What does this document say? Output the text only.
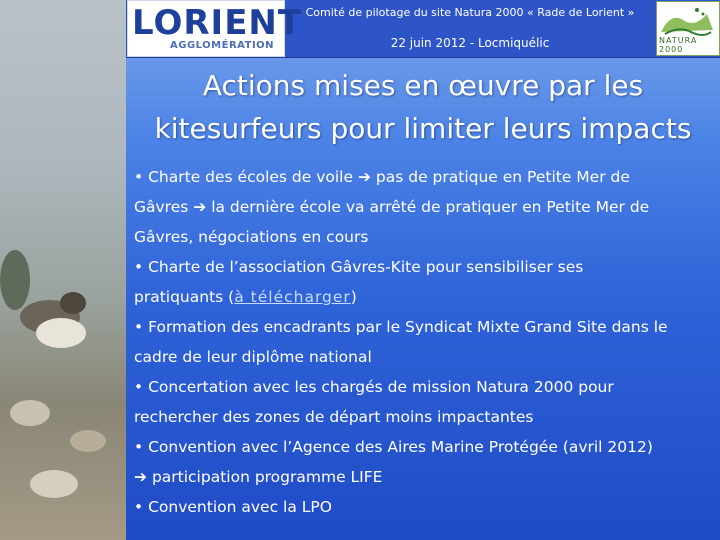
LORIENT
AGGLOMÉRATION
Comité de pilotage du site Natura 2000 « Rade de Lorient »
22 juin 2012 - Locmiquélic	NATURA 2000
Actions mises en œuvre par les
kitesurfeurs pour limiter leurs impacts
• Charte des écoles de voile ➔ pas de pratique en Petite Mer de
Gâvres ➔ la dernière école va arrêté de pratiquer en Petite Mer de
Gâvres, négociations en cours
• Charte de l’association Gâvres-Kite pour sensibiliser ses
pratiquants (à télécharger)
• Formation des encadrants par le Syndicat Mixte Grand Site dans le
cadre de leur diplôme national
• Concertation avec les chargés de mission Natura 2000 pour
rechercher des zones de départ moins impactantes
• Convention avec l’Agence des Aires Marine Protégée (avril 2012)
➔ participation programme LIFE
• Convention avec la LPO
